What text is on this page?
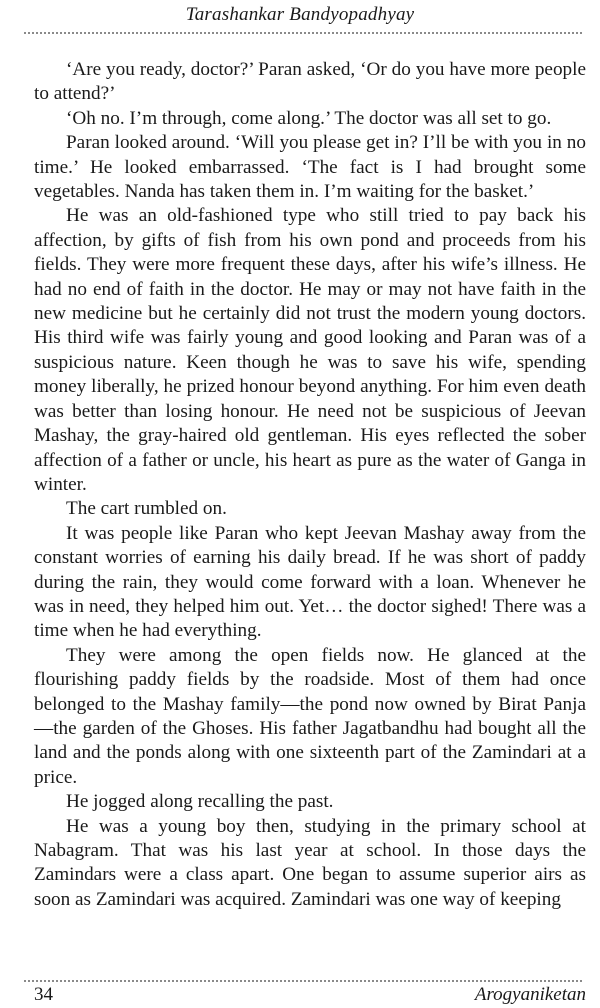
Tarashankar Bandyopadhyay

‘Are you ready, doctor?’ Paran asked, ‘Or do you have more people to attend?’

‘Oh no. I’m through, come along.’ The doctor was all set to go.

Paran looked around. ‘Will you please get in? I’ll be with you in no time.’ He looked embarrassed. ‘The fact is I had brought some vegetables. Nanda has taken them in. I’m waiting for the basket.’

He was an old-fashioned type who still tried to pay back his affection, by gifts of fish from his own pond and proceeds from his fields. They were more frequent these days, after his wife’s illness. He had no end of faith in the doctor. He may or may not have faith in the new medicine but he certainly did not trust the modern young doctors. His third wife was fairly young and good looking and Paran was of a suspicious nature. Keen though he was to save his wife, spending money liberally, he prized honour beyond anything. For him even death was better than losing honour. He need not be suspicious of Jeevan Mashay, the gray-haired old gentleman. His eyes reflected the sober affection of a father or uncle, his heart as pure as the water of Ganga in winter.

The cart rumbled on.

It was people like Paran who kept Jeevan Mashay away from the constant worries of earning his daily bread. If he was short of paddy during the rain, they would come forward with a loan. Whenever he was in need, they helped him out. Yet… the doctor sighed! There was a time when he had everything.

They were among the open fields now. He glanced at the flourishing paddy fields by the roadside. Most of them had once belonged to the Mashay family—the pond now owned by Birat Panja—the garden of the Ghoses. His father Jagatbandhu had bought all the land and the ponds along with one sixteenth part of the Zamindari at a price.

He jogged along recalling the past.

He was a young boy then, studying in the primary school at Nabagram. That was his last year at school. In those days the Zamindars were a class apart. One began to assume superior airs as soon as Zamindari was acquired. Zamindari was one way of keeping

34	Arogyaniketan
